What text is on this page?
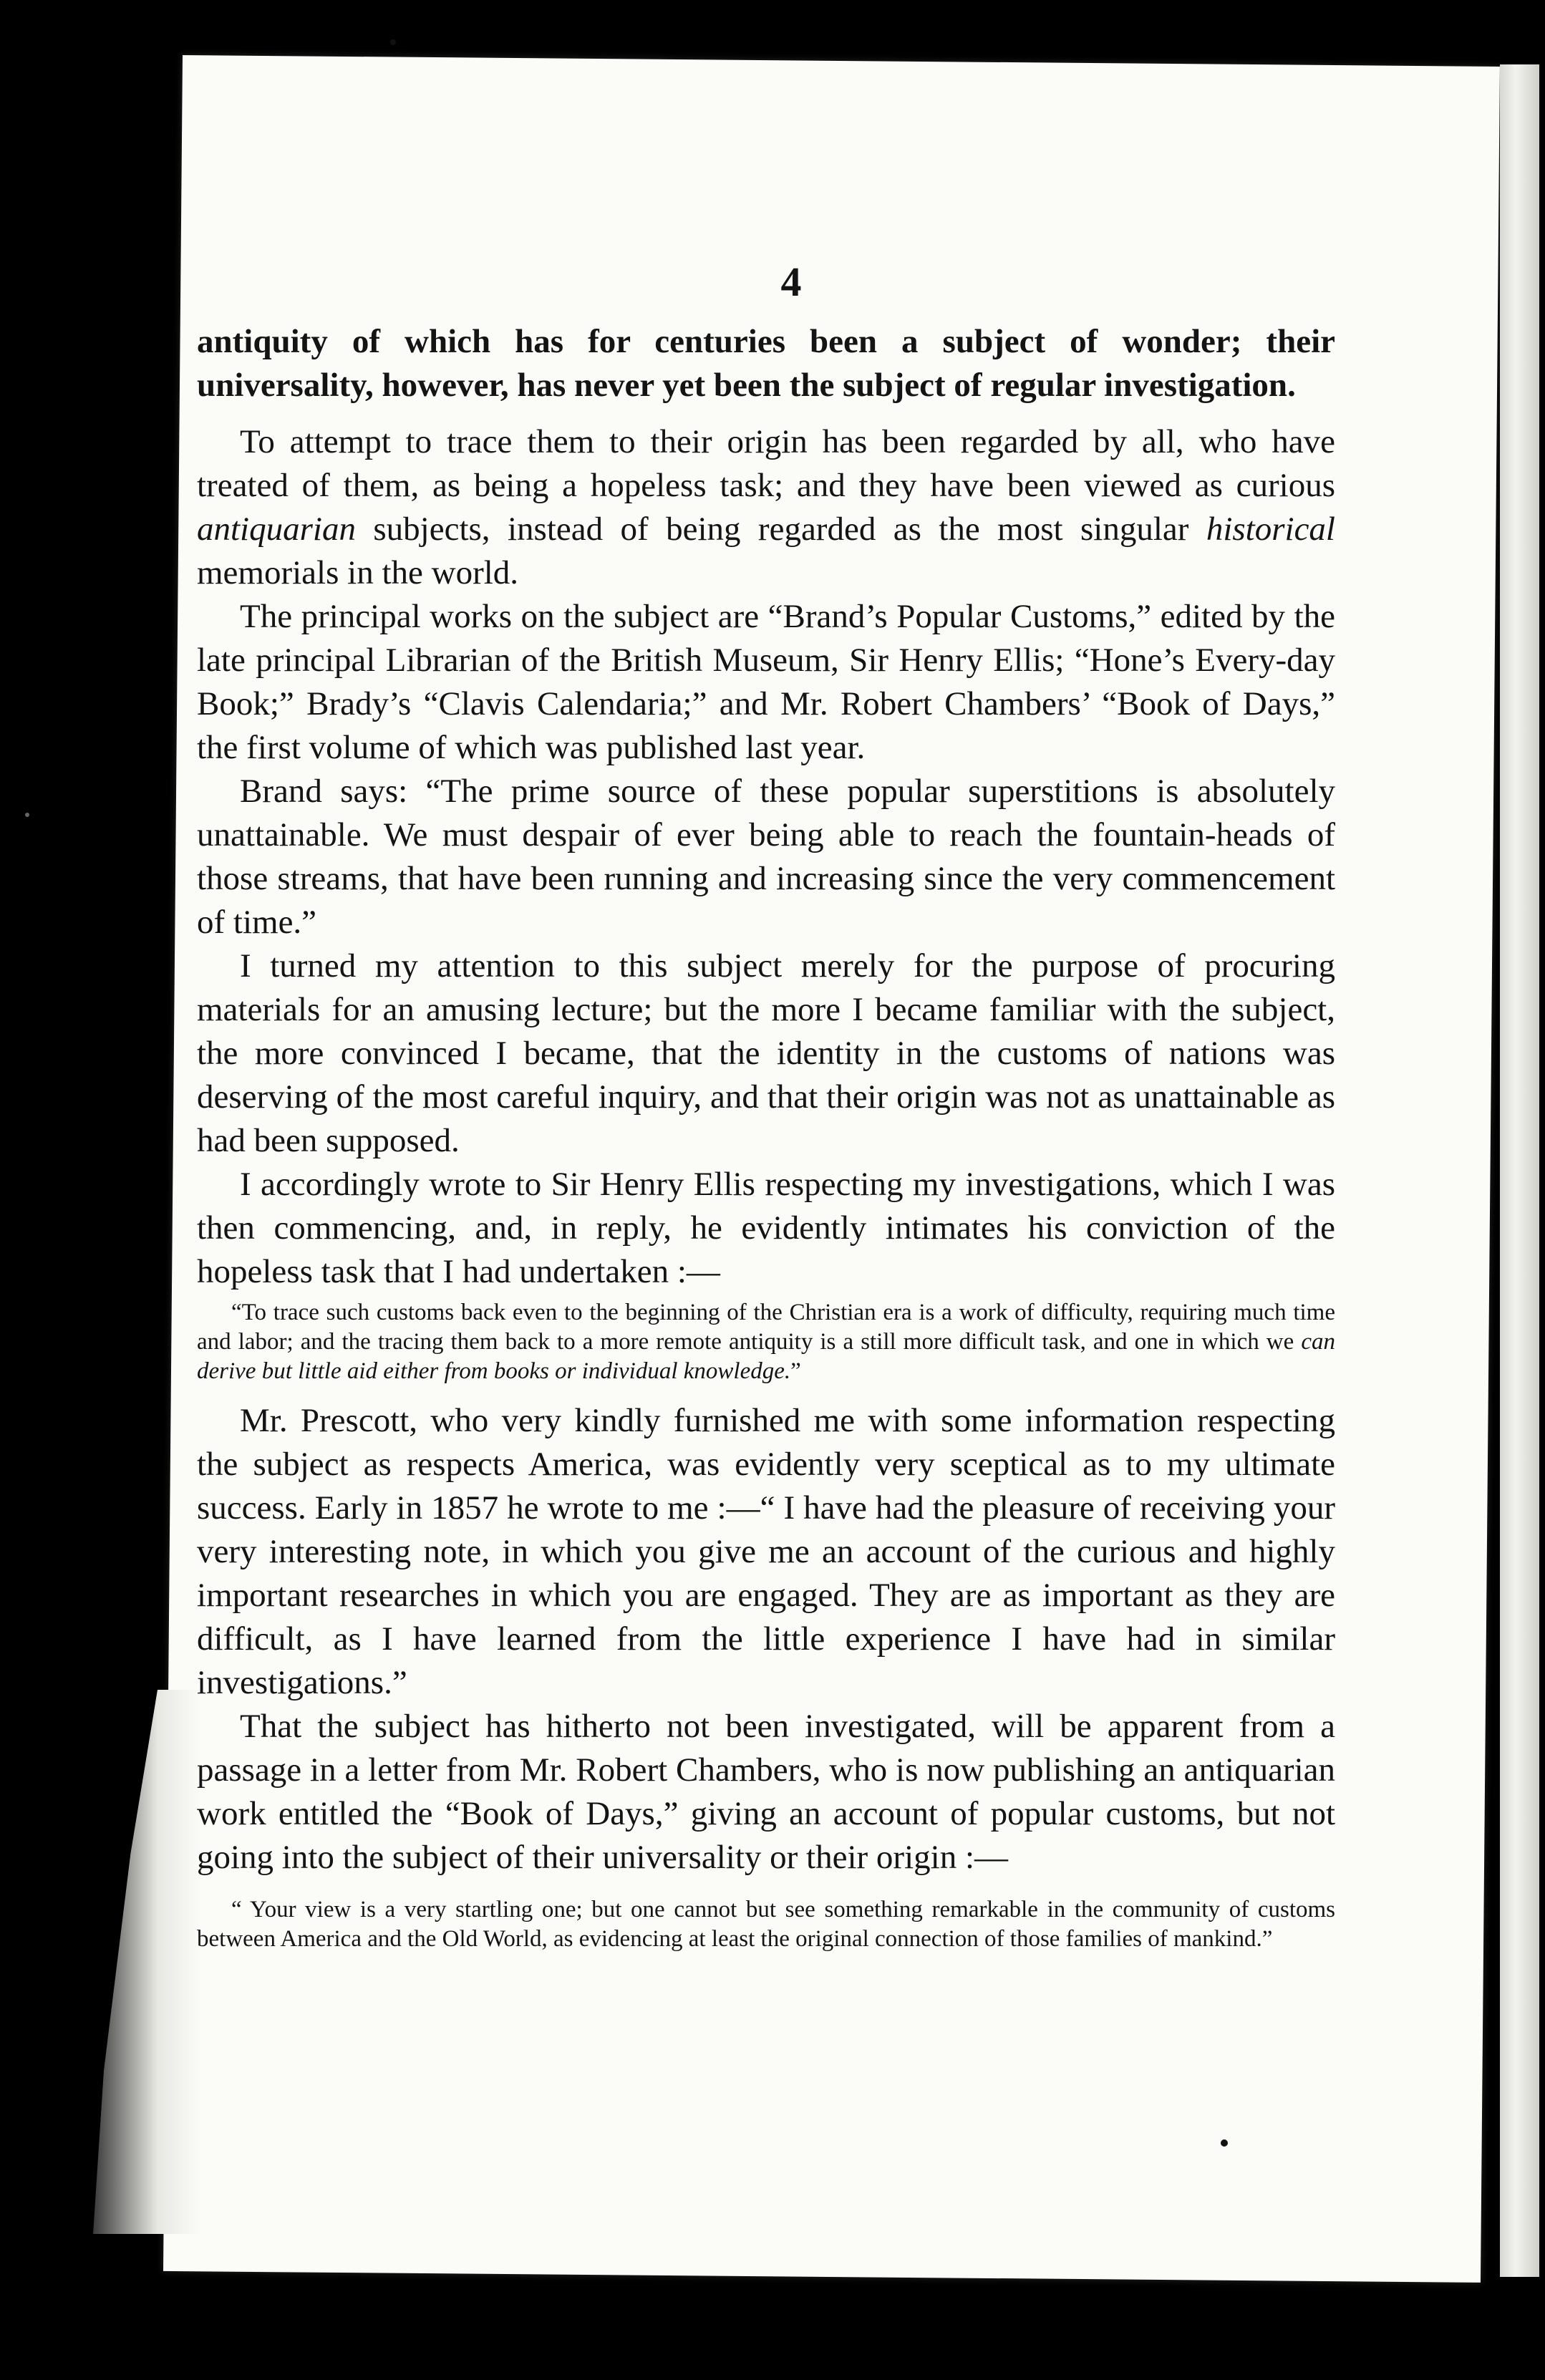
4

antiquity of which has for centuries been a subject of wonder; their universality, however, has never yet been the subject of regular investigation.

To attempt to trace them to their origin has been regarded by all, who have treated of them, as being a hopeless task; and they have been viewed as curious antiquarian subjects, instead of being regarded as the most singular historical memorials in the world.

The principal works on the subject are “Brand’s Popular Customs,” edited by the late principal Librarian of the British Museum, Sir Henry Ellis; “Hone’s Every-day Book;” Brady’s “Clavis Calendaria;” and Mr. Robert Chambers’ “Book of Days,” the first volume of which was published last year.

Brand says: “The prime source of these popular superstitions is absolutely unattainable. We must despair of ever being able to reach the fountain-heads of those streams, that have been running and increasing since the very commencement of time.”

I turned my attention to this subject merely for the purpose of procuring materials for an amusing lecture; but the more I became familiar with the subject, the more convinced I became, that the identity in the customs of nations was deserving of the most careful inquiry, and that their origin was not as unattainable as had been supposed.

I accordingly wrote to Sir Henry Ellis respecting my investigations, which I was then commencing, and, in reply, he evidently intimates his conviction of the hopeless task that I had undertaken :—

“To trace such customs back even to the beginning of the Christian era is a work of difficulty, requiring much time and labor; and the tracing them back to a more remote antiquity is a still more difficult task, and one in which we can derive but little aid either from books or individual knowledge.”

Mr. Prescott, who very kindly furnished me with some information respecting the subject as respects America, was evidently very sceptical as to my ultimate success. Early in 1857 he wrote to me :—“ I have had the pleasure of receiving your very interesting note, in which you give me an account of the curious and highly important researches in which you are engaged. They are as important as they are difficult, as I have learned from the little experience I have had in similar investigations.”

That the subject has hitherto not been investigated, will be apparent from a passage in a letter from Mr. Robert Chambers, who is now publishing an antiquarian work entitled the “Book of Days,” giving an account of popular customs, but not going into the subject of their universality or their origin :—

“ Your view is a very startling one; but one cannot but see something remarkable in the community of customs between America and the Old World, as evidencing at least the original connection of those families of mankind.”
